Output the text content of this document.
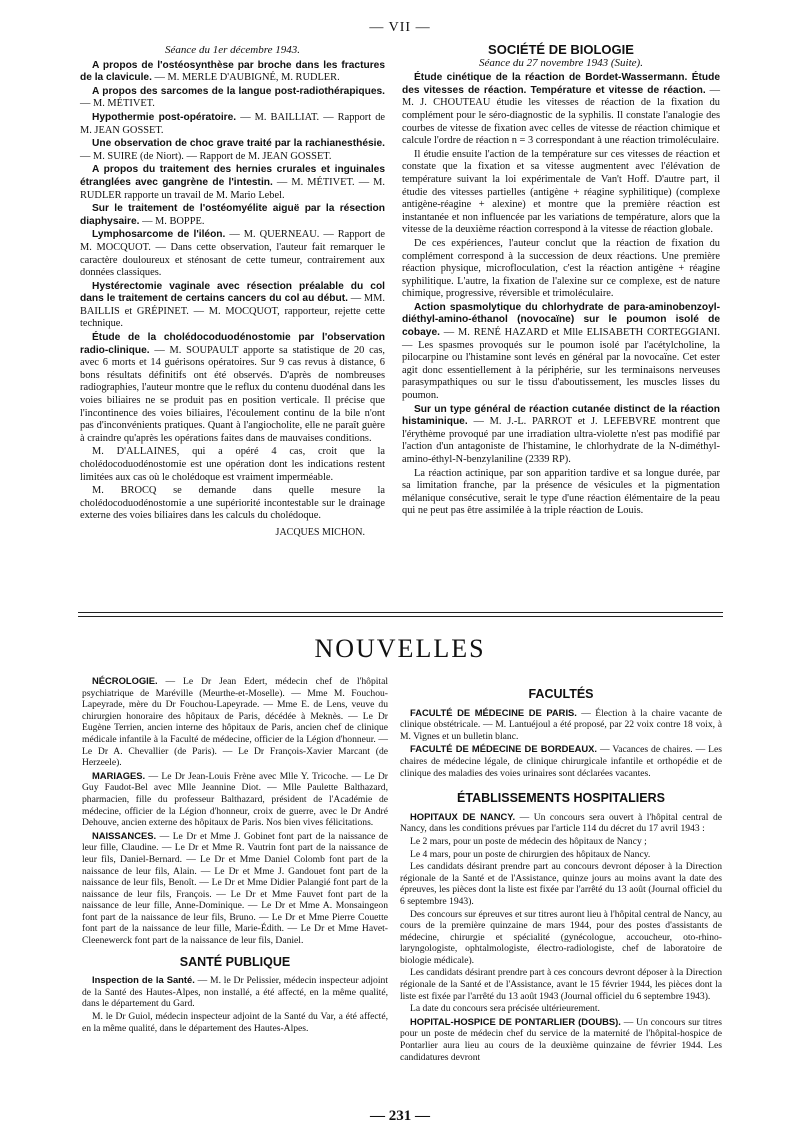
— VII —

Séance du 1er décembre 1943.

A propos de l'ostéosynthèse par broche dans les fractures de la clavicule. — M. MERLE D'AUBIGNÉ, M. RUDLER.

A propos des sarcomes de la langue post-radiothérapiques. — M. MÉTIVET.

Hypothermie post-opératoire. — M. BAILLIAT. — Rapport de M. JEAN GOSSET.

Une observation de choc grave traité par la rachianesthésie. — M. SUIRE (de Niort). — Rapport de M. JEAN GOSSET.

A propos du traitement des hernies crurales et inguinales étranglées avec gangrène de l'intestin. — M. MÉTIVET. — M. RUDLER rapporte un travail de M. Mario Lebel.

Sur le traitement de l'ostéomyélite aiguë par la résection diaphysaire. — M. BOPPE.

Lymphosarcome de l'iléon. — M. QUERNEAU. — Rapport de M. MOCQUOT. — Dans cette observation, l'auteur fait remarquer le caractère douloureux et sténosant de cette tumeur, contrairement aux données classiques.

Hystérectomie vaginale avec résection préalable du col dans le traitement de certains cancers du col au début. — MM. BAILLIS et GRÉPINET. — M. MOCQUOT, rapporteur, rejette cette technique.

Étude de la cholédocoduodénostomie par l'observation radio-clinique. — M. SOUPAULT apporte sa statistique de 20 cas, avec 6 morts et 14 guérisons opératoires. Sur 9 cas revus à distance, 6 bons résultats définitifs ont été observés. D'après de nombreuses radiographies, l'auteur montre que le reflux du contenu duodénal dans les voies biliaires ne se produit pas en position verticale. Il précise que l'incontinence des voies biliaires, l'écoulement continu de la bile n'ont pas d'inconvénients pratiques. Quant à l'angiocholite, elle ne paraît guère à craindre qu'après les opérations faites dans de mauvaises conditions.

M. D'ALLAINES, qui a opéré 4 cas, croit que la cholédocoduodénostomie est une opération dont les indications restent limitées aux cas où le cholédoque est vraiment imperméable.

M. BROCQ se demande dans quelle mesure la cholédocoduodénostomie a une supériorité incontestable sur le drainage externe des voies biliaires dans les calculs du cholédoque.

JACQUES MICHON.

SOCIÉTÉ DE BIOLOGIE

Séance du 27 novembre 1943 (Suite).

Étude cinétique de la réaction de Bordet-Wassermann. Étude des vitesses de réaction. Température et vitesse de réaction. — M. J. CHOUTEAU étudie les vitesses de réaction de la fixation du complément pour le séro-diagnostic de la syphilis. Il constate l'analogie des courbes de vitesse de fixation avec celles de vitesse de réaction chimique et calcule l'ordre de réaction n = 3 correspondant à une réaction trimoléculaire.

Il étudie ensuite l'action de la température sur ces vitesses de réaction et constate que la fixation et sa vitesse augmentent avec l'élévation de température suivant la loi expérimentale de Van't Hoff. D'autre part, il étudie des vitesses partielles (antigène + réagine syphilitique) (complexe antigène-réagine + alexine) et montre que la première réaction est instantanée et non influencée par les variations de température, alors que la vitesse de la deuxième réaction correspond à la vitesse de réaction globale.

De ces expériences, l'auteur conclut que la réaction de fixation du complément correspond à la succession de deux réactions. Une première réaction physique, microfloculation, c'est la réaction antigène + réagine syphilitique. L'autre, la fixation de l'alexine sur ce complexe, est de nature chimique, progressive, réversible et trimoléculaire.

Action spasmolytique du chlorhydrate de para-aminobenzoyl-diéthyl-amino-éthanol (novocaïne) sur le poumon isolé de cobaye. — M. RENÉ HAZARD et Mlle ELISABETH CORTEGGIANI. — Les spasmes provoqués sur le poumon isolé par l'acétylcholine, la pilocarpine ou l'histamine sont levés en général par la novocaïne. Cet ester agit donc essentiellement à la périphérie, sur les terminaisons nerveuses parasympathiques ou sur le tissu d'aboutissement, les muscles lisses du poumon.

Sur un type général de réaction cutanée distinct de la réaction histaminique. — M. J.-L. PARROT et J. LEFEBVRE montrent que l'érythème provoqué par une irradiation ultra-violette n'est pas modifié par l'action d'un antagoniste de l'histamine, le chlorhydrate de la N-diméthyl-amino-éthyl-N-benzylaniline (2339 RP).

La réaction actinique, par son apparition tardive et sa longue durée, par sa limitation franche, par la présence de vésicules et la pigmentation mélanique consécutive, serait le type d'une réaction élémentaire de la peau qui ne peut pas être assimilée à la triple réaction de Louis.

NOUVELLES

NÉCROLOGIE. — Le Dr Jean Edert, médecin chef de l'hôpital psychiatrique de Maréville (Meurthe-et-Moselle). — Mme M. Fouchou-Lapeyrade, mère du Dr Fouchou-Lapeyrade. — Mme E. de Lens, veuve du chirurgien honoraire des hôpitaux de Paris, décédée à Meknès. — Le Dr Eugène Terrien, ancien interne des hôpitaux de Paris, ancien chef de clinique médicale infantile à la Faculté de médecine, officier de la Légion d'honneur. — Le Dr A. Chevallier (de Paris). — Le Dr François-Xavier Marcant (de Herzeele).

MARIAGES. — Le Dr Jean-Louis Frène avec Mlle Y. Tricoche. — Le Dr Guy Faudot-Bel avec Mlle Jeannine Diot. — Mlle Paulette Balthazard, pharmacien, fille du professeur Balthazard, président de l'Académie de médecine, officier de la Légion d'honneur, croix de guerre, avec le Dr André Dehouve, ancien externe des hôpitaux de Paris. Nos bien vives félicitations.

NAISSANCES. — Le Dr et Mme J. Gobinet font part de la naissance de leur fille, Claudine. — Le Dr et Mme R. Vautrin font part de la naissance de leur fils, Daniel-Bernard. — Le Dr et Mme Daniel Colomb font part de la naissance de leur fils, Alain. — Le Dr et Mme J. Gandouet font part de la naissance de leur fils, Benoît. — Le Dr et Mme Didier Palangié font part de la naissance de leur fils, François. — Le Dr et Mme Fauvet font part de la naissance de leur fille, Anne-Dominique. — Le Dr et Mme A. Monsaingeon font part de la naissance de leur fils, Bruno. — Le Dr et Mme Pierre Couette font part de la naissance de leur fille, Marie-Édith. — Le Dr et Mme Havet-Cleenewerck font part de la naissance de leur fils, Daniel.

SANTÉ PUBLIQUE

Inspection de la Santé. — M. le Dr Pelissier, médecin inspecteur adjoint de la Santé des Hautes-Alpes, non installé, a été affecté, en la même qualité, dans le département du Gard.

M. le Dr Guiol, médecin inspecteur adjoint de la Santé du Var, a été affecté, en la même qualité, dans le département des Hautes-Alpes.

FACULTÉS

FACULTÉ DE MÉDECINE DE PARIS. — Élection à la chaire vacante de clinique obstétricale. — M. Lantuéjoul a été proposé, par 22 voix contre 18 voix, à M. Vignes et un bulletin blanc.

FACULTÉ DE MÉDECINE DE BORDEAUX. — Vacances de chaires. — Les chaires de médecine légale, de clinique chirurgicale infantile et orthopédie et de clinique des maladies des voies urinaires sont déclarées vacantes.

ÉTABLISSEMENTS HOSPITALIERS

HOPITAUX DE NANCY. — Un concours sera ouvert à l'hôpital central de Nancy, dans les conditions prévues par l'article 114 du décret du 17 avril 1943 :

Le 2 mars, pour un poste de médecin des hôpitaux de Nancy ;

Le 4 mars, pour un poste de chirurgien des hôpitaux de Nancy.

Les candidats désirant prendre part au concours devront déposer à la Direction régionale de la Santé et de l'Assistance, quinze jours au moins avant la date des épreuves, les pièces dont la liste est fixée par l'arrêté du 13 août (Journal officiel du 6 septembre 1943).

Des concours sur épreuves et sur titres auront lieu à l'hôpital central de Nancy, au cours de la première quinzaine de mars 1944, pour des postes d'assistants de médecine, chirurgie et spécialité (gynécologue, accoucheur, oto-rhino-laryngologiste, ophtalmologiste, électro-radiologiste, chef de laboratoire de biologie médicale).

Les candidats désirant prendre part à ces concours devront déposer à la Direction régionale de la Santé et de l'Assistance, avant le 15 février 1944, les pièces dont la liste est fixée par l'arrêté du 13 août 1943 (Journal officiel du 6 septembre 1943).

La date du concours sera précisée ultérieurement.

HOPITAL-HOSPICE DE PONTARLIER (DOUBS). — Un concours sur titres pour un poste de médecin chef du service de la maternité de l'hôpital-hospice de Pontarlier aura lieu au cours de la deuxième quinzaine de février 1944. Les candidatures devront

— 231 —
